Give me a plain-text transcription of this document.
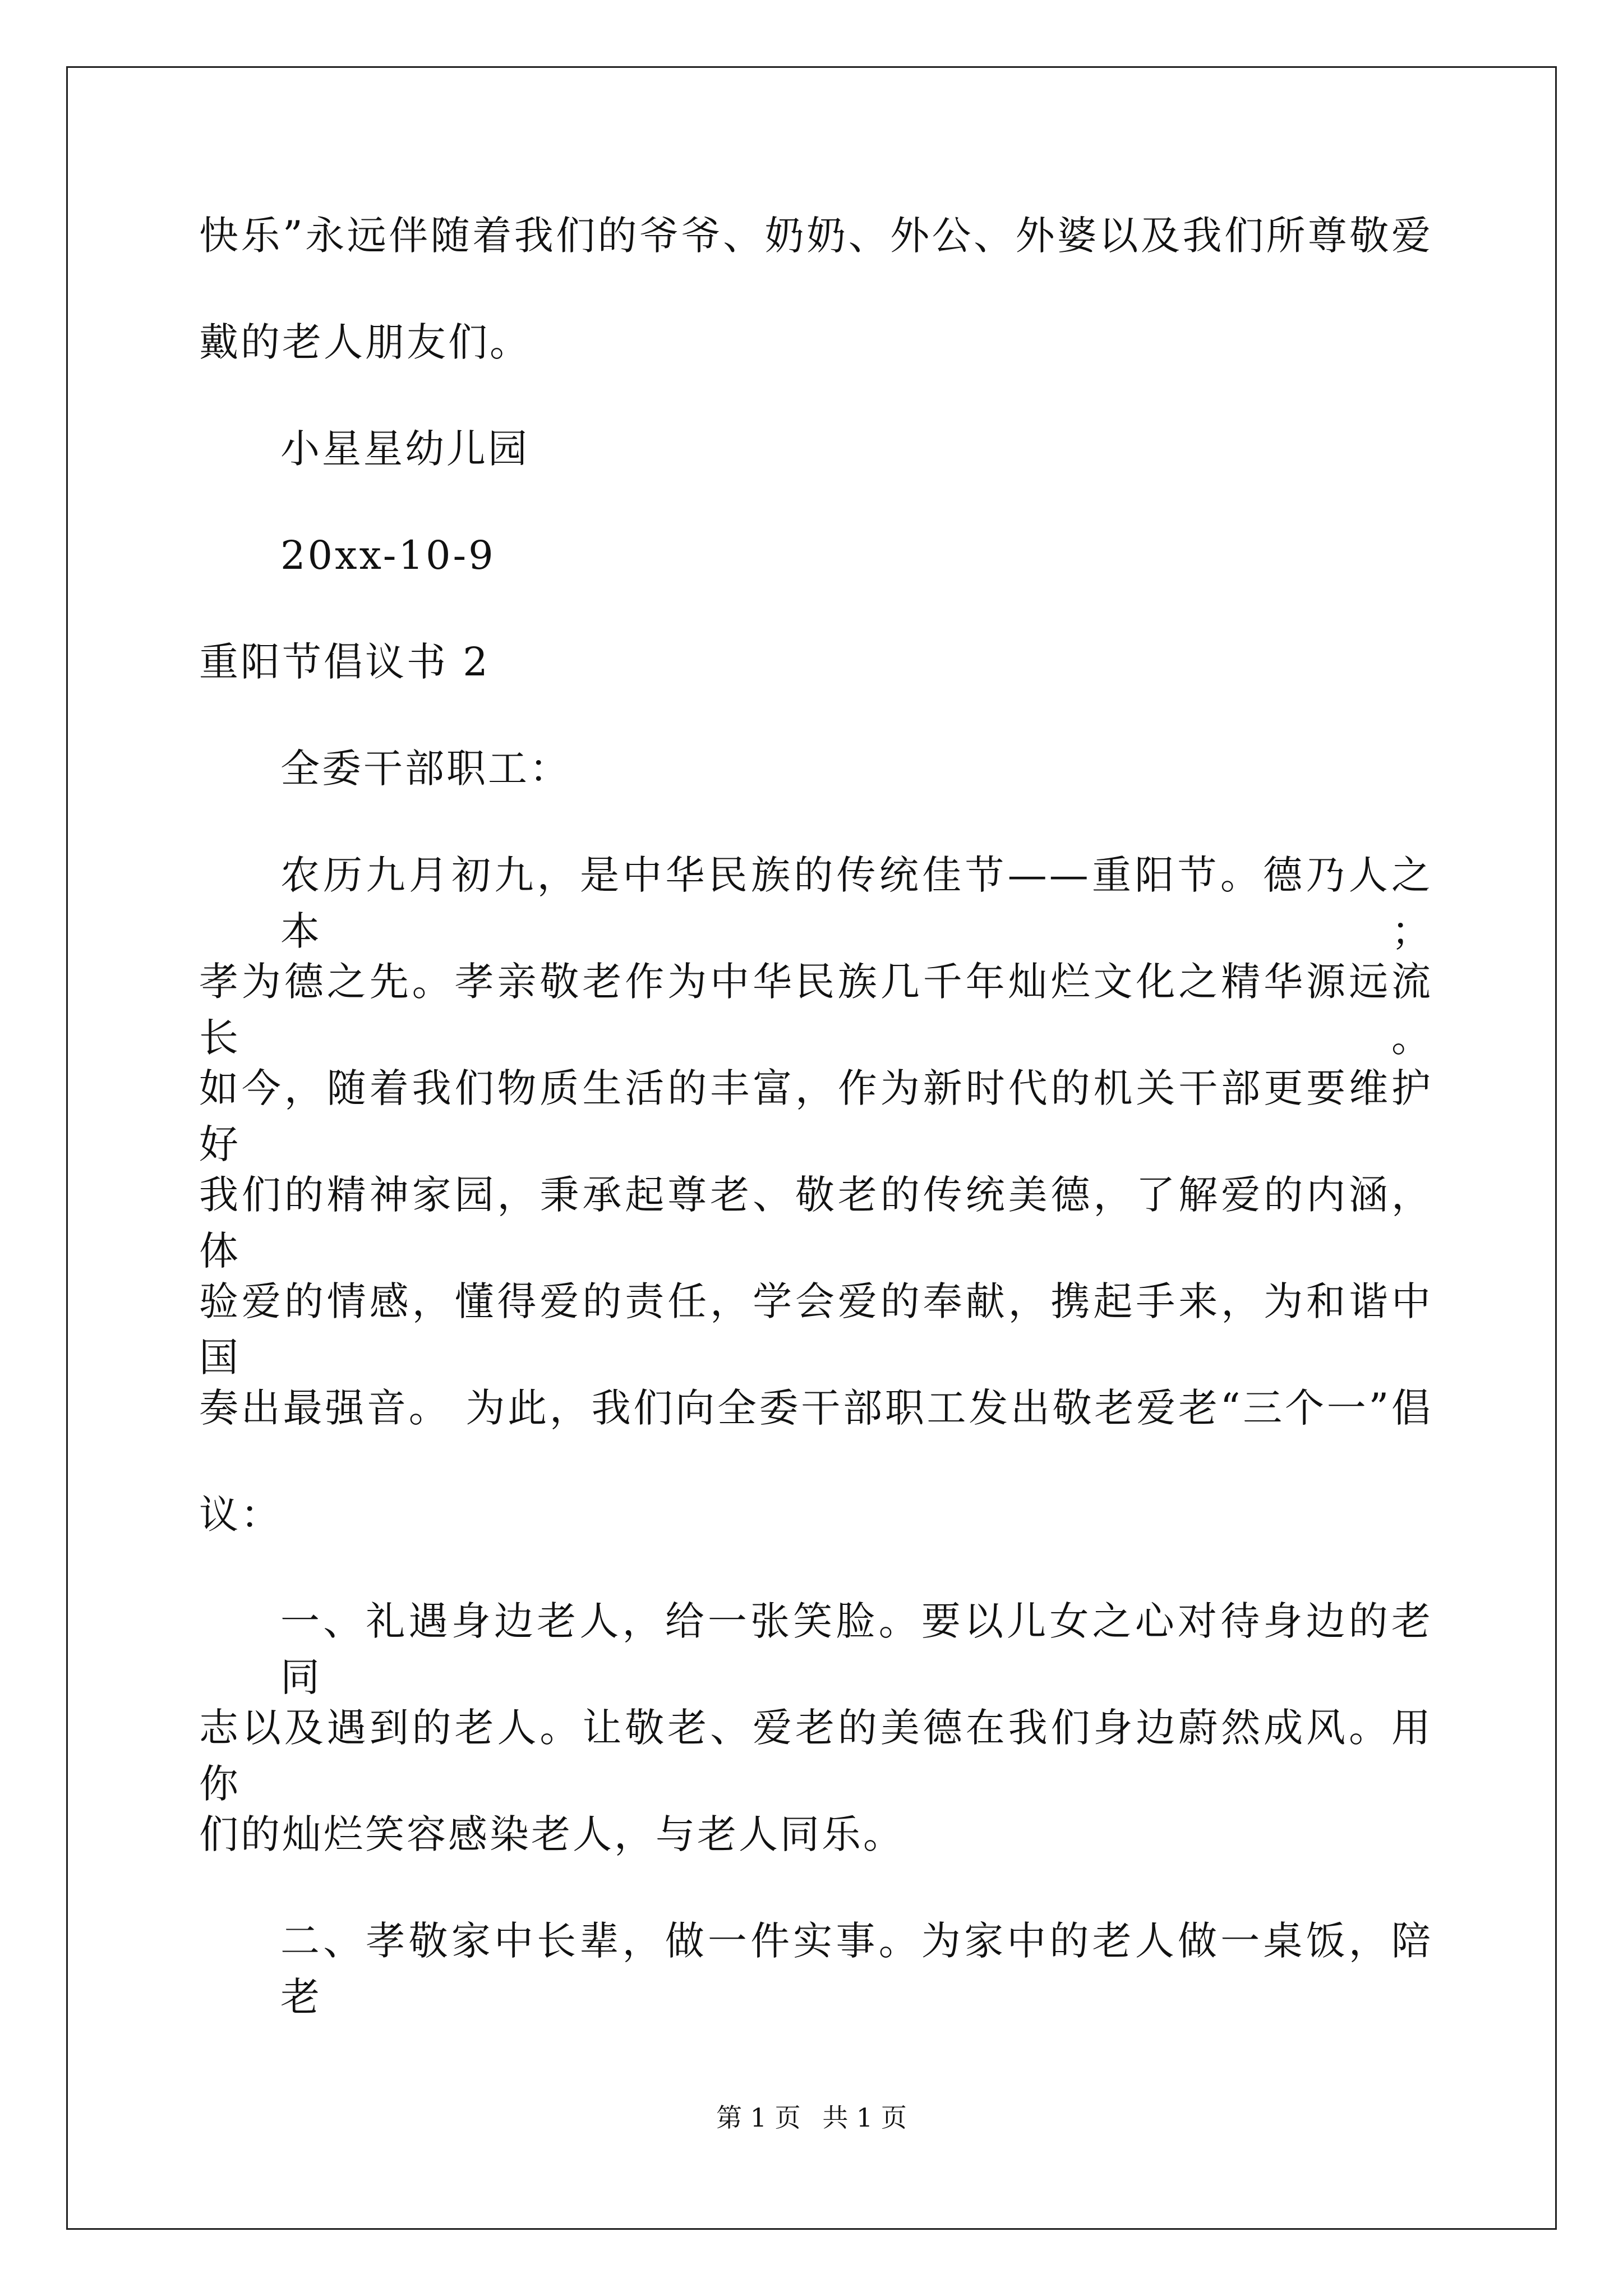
快乐”永远伴随着我们的爷爷、奶奶、外公、外婆以及我们所尊敬爱
戴的老人朋友们。
小星星幼儿园
20xx-10-9
重阳节倡议书 2
全委干部职工：
农历九月初九，是中华民族的传统佳节——重阳节。德乃人之本；
孝为德之先。孝亲敬老作为中华民族几千年灿烂文化之精华源远流长。
如今，随着我们物质生活的丰富，作为新时代的机关干部更要维护好
我们的精神家园，秉承起尊老、敬老的传统美德，了解爱的内涵，体
验爱的情感，懂得爱的责任，学会爱的奉献，携起手来，为和谐中国
奏出最强音。 为此，我们向全委干部职工发出敬老爱老“三个一”倡
议：
一、礼遇身边老人，给一张笑脸。要以儿女之心对待身边的老同
志以及遇到的老人。让敬老、爱老的美德在我们身边蔚然成风。用你
们的灿烂笑容感染老人，与老人同乐。
二、孝敬家中长辈，做一件实事。为家中的老人做一桌饭，陪老
第 1 页 共 1 页
